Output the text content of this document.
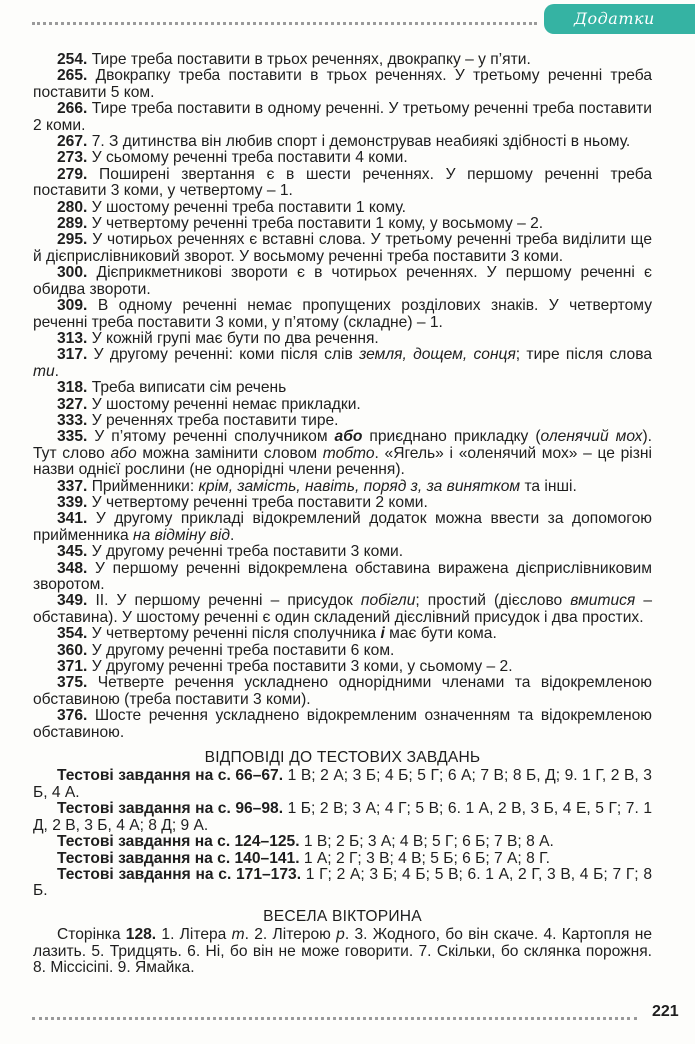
Додатки

254. Тире треба поставити в трьох реченнях, двокрапку – у п’яти.

265. Двокрапку треба поставити в трьох реченнях. У третьому реченні треба поставити 5 ком.

266. Тире треба поставити в одному реченні. У третьому реченні треба поставити 2 коми.

267. 7. З дитинства він любив спорт і демонстрував неабиякі здібності в ньому.

273. У сьомому реченні треба поставити 4 коми.

279. Поширені звертання є в шести реченнях. У першому реченні треба поставити 3 коми, у четвертому – 1.

280. У шостому реченні треба поставити 1 кому.

289. У четвертому реченні треба поставити 1 кому, у восьмому – 2.

295. У чотирьох реченнях є вставні слова. У третьому реченні треба виділити ще й дієприслівниковий зворот. У восьмому реченні треба поставити 3 коми.

300. Дієприкметникові звороти є в чотирьох реченнях. У першому реченні є обидва звороти.

309. В одному реченні немає пропущених розділових знаків. У четвертому реченні треба поставити 3 коми, у п’ятому (складне) – 1.

313. У кожній групі має бути по два речення.

317. У другому реченні: коми після слів земля, дощем, сонця; тире після слова ти.

318. Треба виписати сім речень

327. У шостому реченні немає прикладки.

333. У реченнях треба поставити тире.

335. У п’ятому реченні сполучником або приєднано прикладку (оленячий мох). Тут слово або можна замінити словом тобто. «Ягель» і «оленячий мох» – це різні назви однієї рослини (не однорідні члени речення).

337. Прийменники: крім, замість, навіть, поряд з, за винятком та інші.

339. У четвертому реченні треба поставити 2 коми.

341. У другому прикладі відокремлений додаток можна ввести за допомогою прийменника на відміну від.

345. У другому реченні треба поставити 3 коми.

348. У першому реченні відокремлена обставина виражена дієприслівниковим зворотом.

349. II. У першому реченні – присудок побігли; простий (дієслово вмитися – обставина). У шостому реченні є один складений дієслівний присудок і два простих.

354. У четвертому реченні після сполучника і має бути кома.

360. У другому реченні треба поставити 6 ком.

371. У другому реченні треба поставити 3 коми, у сьомому – 2.

375. Четверте речення ускладнено однорідними членами та відокремленою обставиною (треба поставити 3 коми).

376. Шосте речення ускладнено відокремленим означенням та відокремленою обставиною.

ВІДПОВІДІ ДО ТЕСТОВИХ ЗАВДАНЬ

Тестові завдання на с. 66–67. 1 В; 2 А; 3 Б; 4 Б; 5 Г; 6 А; 7 В; 8 Б, Д; 9. 1 Г, 2 В, 3 Б, 4 А.

Тестові завдання на с. 96–98. 1 Б; 2 В; 3 А; 4 Г; 5 В; 6. 1 А, 2 В, 3 Б, 4 Е, 5 Г; 7. 1 Д, 2 В, 3 Б, 4 А; 8 Д; 9 А.

Тестові завдання на с. 124–125. 1 В; 2 Б; 3 А; 4 В; 5 Г; 6 Б; 7 В; 8 А.

Тестові завдання на с. 140–141. 1 А; 2 Г; 3 В; 4 В; 5 Б; 6 Б; 7 А; 8 Г.

Тестові завдання на с. 171–173. 1 Г; 2 А; 3 Б; 4 Б; 5 В; 6. 1 А, 2 Г, 3 В, 4 Б; 7 Г; 8 Б.

ВЕСЕЛА ВІКТОРИНА

Сторінка 128. 1. Літера т. 2. Літерою р. 3. Жодного, бо він скаче. 4. Картопля не лазить. 5. Тридцять. 6. Ні, бо він не може говорити. 7. Скільки, бо склянка порожня. 8. Міссісіпі. 9. Ямайка.

221
